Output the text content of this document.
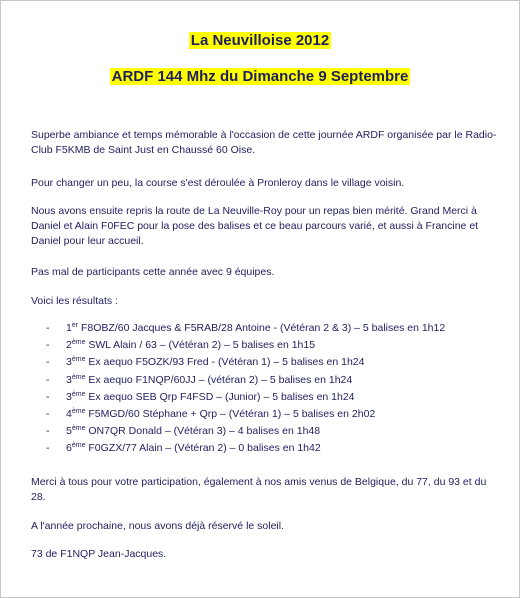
La Neuvilloise 2012
ARDF 144 Mhz du Dimanche 9 Septembre
Superbe ambiance et temps mémorable à l'occasion de cette journée ARDF organisée par le Radio-Club F5KMB de Saint Just en Chaussé 60 Oise.
Pour changer un peu, la course s'est déroulée à Pronleroy dans le village voisin.
Nous avons ensuite repris la route de La Neuville-Roy pour un repas bien mérité. Grand Merci à Daniel et Alain F0FEC pour la pose des balises et ce beau parcours varié, et aussi à Francine et Daniel pour leur accueil.
Pas mal de participants cette année avec 9 équipes.
Voici les résultats :
- 1er F8OBZ/60 Jacques & F5RAB/28 Antoine - (Vétéran 2 & 3) – 5 balises en 1h12
- 2ème SWL Alain / 63 – (Vétéran 2) – 5 balises en 1h15
- 3ème Ex aequo F5OZK/93 Fred - (Vétéran 1) – 5 balises en 1h24
- 3ème Ex aequo F1NQP/60JJ – (vétéran 2) – 5 balises en 1h24
- 3ème Ex aequo SEB Qrp F4FSD – (Junior) – 5 balises en 1h24
- 4ème F5MGD/60 Stéphane + Qrp – (Vétéran 1) – 5 balises en 2h02
- 5ème ON7QR Donald – (Vétéran 3) – 4 balises en 1h48
- 6ème F0GZX/77 Alain – (Vétéran 2) – 0 balises en 1h42
Merci à tous pour votre participation, également à nos amis venus de Belgique, du 77, du 93 et du 28.
A l'année prochaine, nous avons déjà réservé le soleil.
73 de F1NQP Jean-Jacques.
